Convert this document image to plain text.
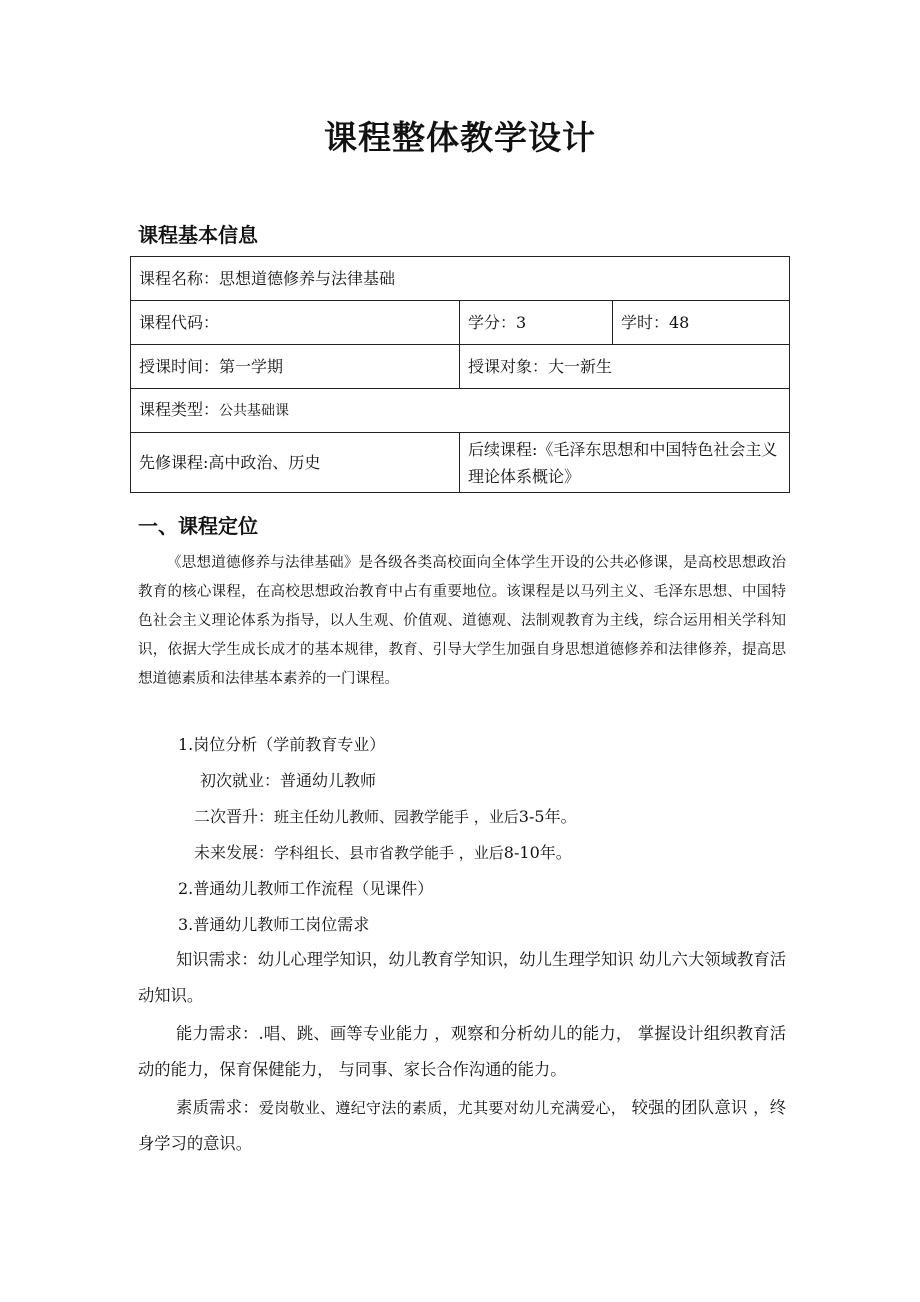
课程整体教学设计
课程基本信息
课程名称：思想道德修养与法律基础		
课程代码：	学分：3	学时：48
授课时间：第一学期	授课对象：大一新生	
课程类型：公共基础课		
先修课程:高中政治、历史	后续课程:《毛泽东思想和中国特色社会主义理论体系概论》	
一、课程定位

《思想道德修养与法律基础》是各级各类高校面向全体学生开设的公共必修课，是高校思想政治教育的核心课程，在高校思想政治教育中占有重要地位。该课程是以马列主义、毛泽东思想、中国特色社会主义理论体系为指导，以人生观、价值观、道德观、法制观教育为主线，综合运用相关学科知识，依据大学生成长成才的基本规律，教育、引导大学生加强自身思想道德修养和法律修养，提高思想道德素质和法律基本素养的一门课程。

1.岗位分析（学前教育专业）

初次就业：普通幼儿教师

二次晋升：班主任幼儿教师、园教学能手 ，业后3-5年。

未来发展：学科组长、县市省教学能手 ，业后8-10年。

2.普通幼儿教师工作流程（见课件）

3.普通幼儿教师工岗位需求

知识需求：幼儿心理学知识，幼儿教育学知识，幼儿生理学知识 幼儿六大领域教育活动知识。

能力需求：.唱、跳、画等专业能力 ，观察和分析幼儿的能力， 掌握设计组织教育活动的能力，保育保健能力， 与同事、家长合作沟通的能力。

素质需求：爱岗敬业、遵纪守法的素质，尤其要对幼儿充满爱心， 较强的团队意识 ，终身学习的意识。
